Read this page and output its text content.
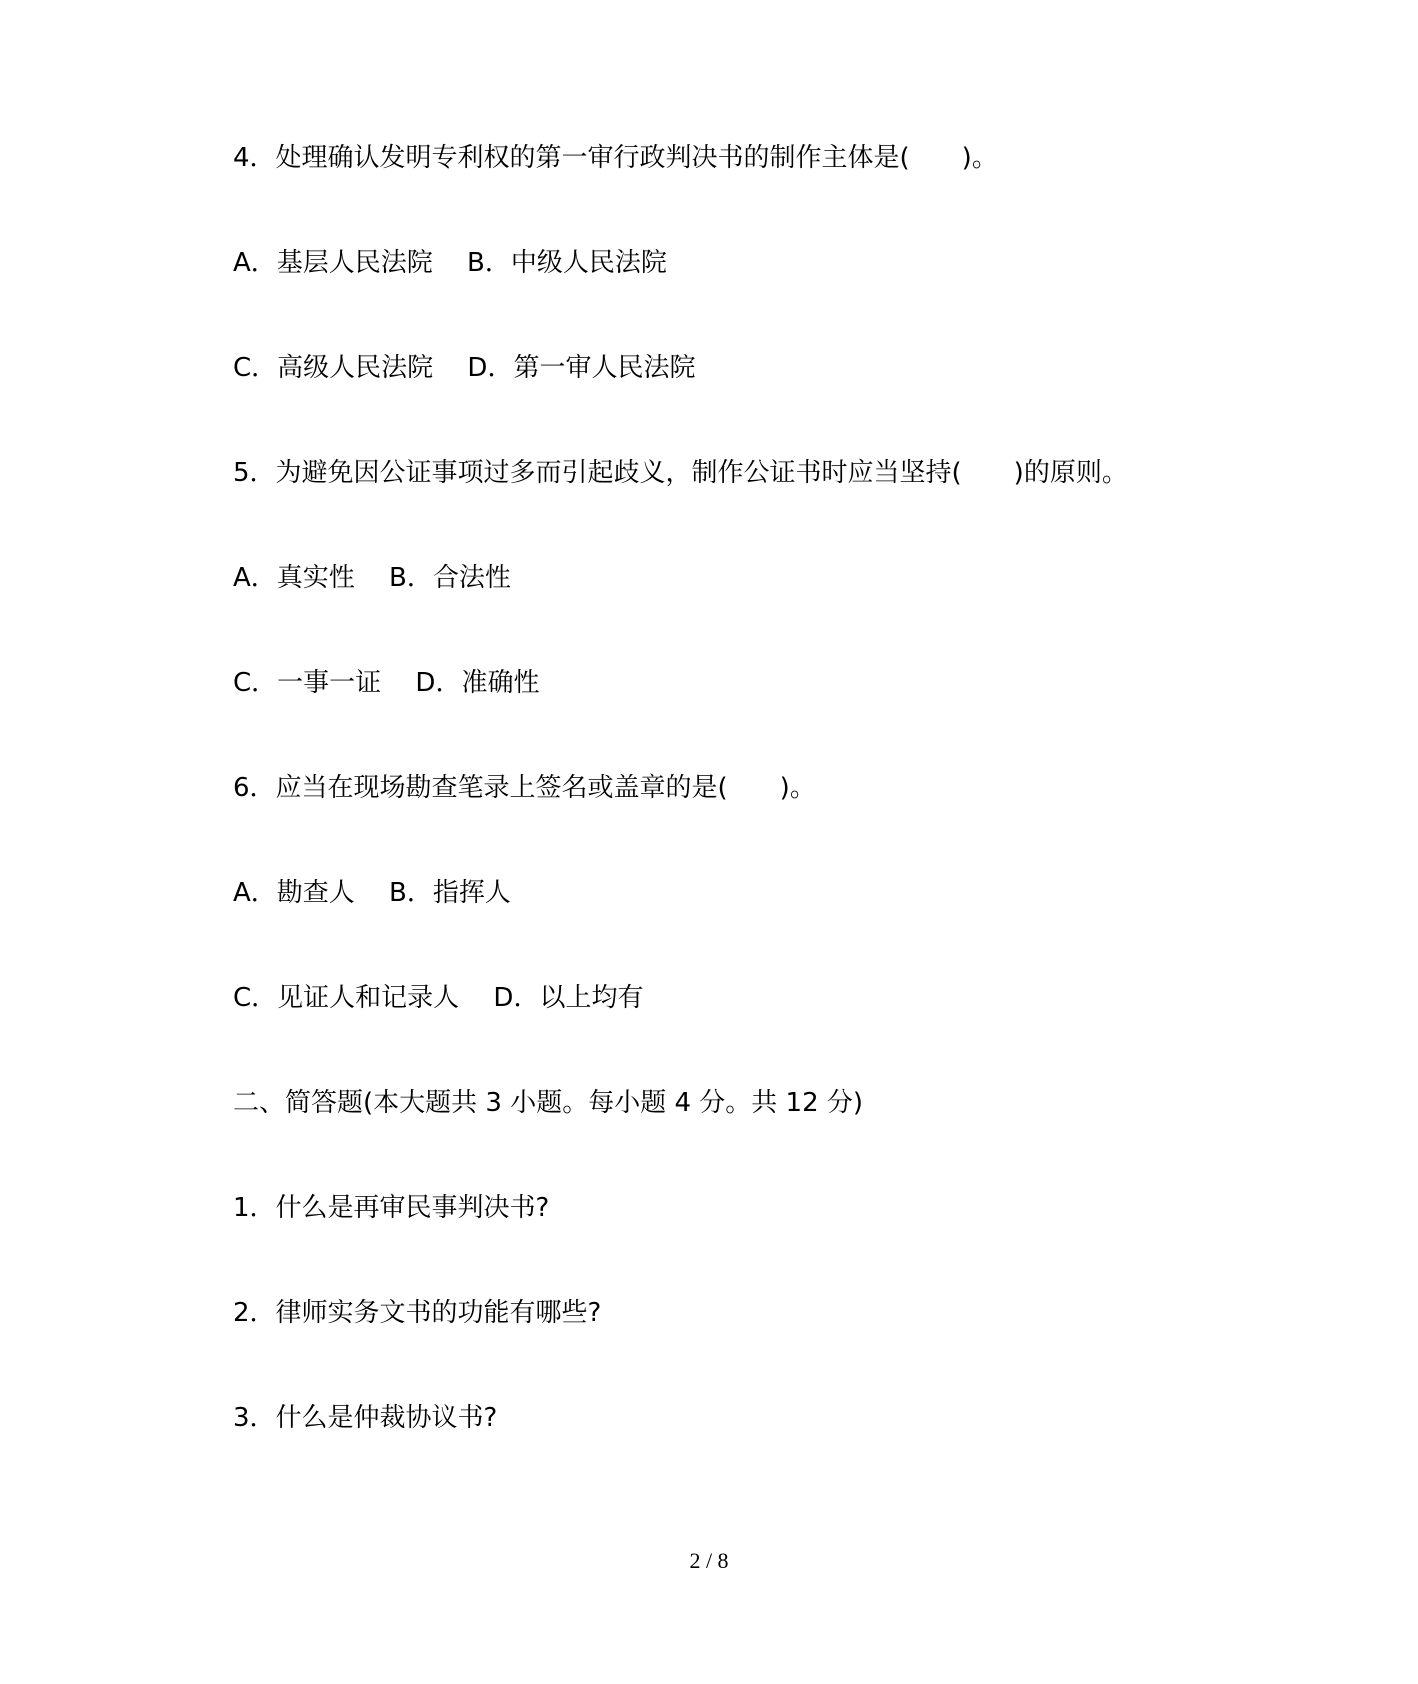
4．处理确认发明专利权的第一审行政判决书的制作主体是(　　)。
A．基层人民法院　 B．中级人民法院
C．高级人民法院　 D．第一审人民法院
5．为避免因公证事项过多而引起歧义，制作公证书时应当坚持(　　)的原则。
A．真实性　 B．合法性
C．一事一证　 D．准确性
6．应当在现场勘查笔录上签名或盖章的是(　　)。
A．勘查人　 B．指挥人
C．见证人和记录人　 D．以上均有
二、简答题(本大题共 3 小题。每小题 4 分。共 12 分)
1．什么是再审民事判决书?
2．律师实务文书的功能有哪些?
3．什么是仲裁协议书?
2 / 8
